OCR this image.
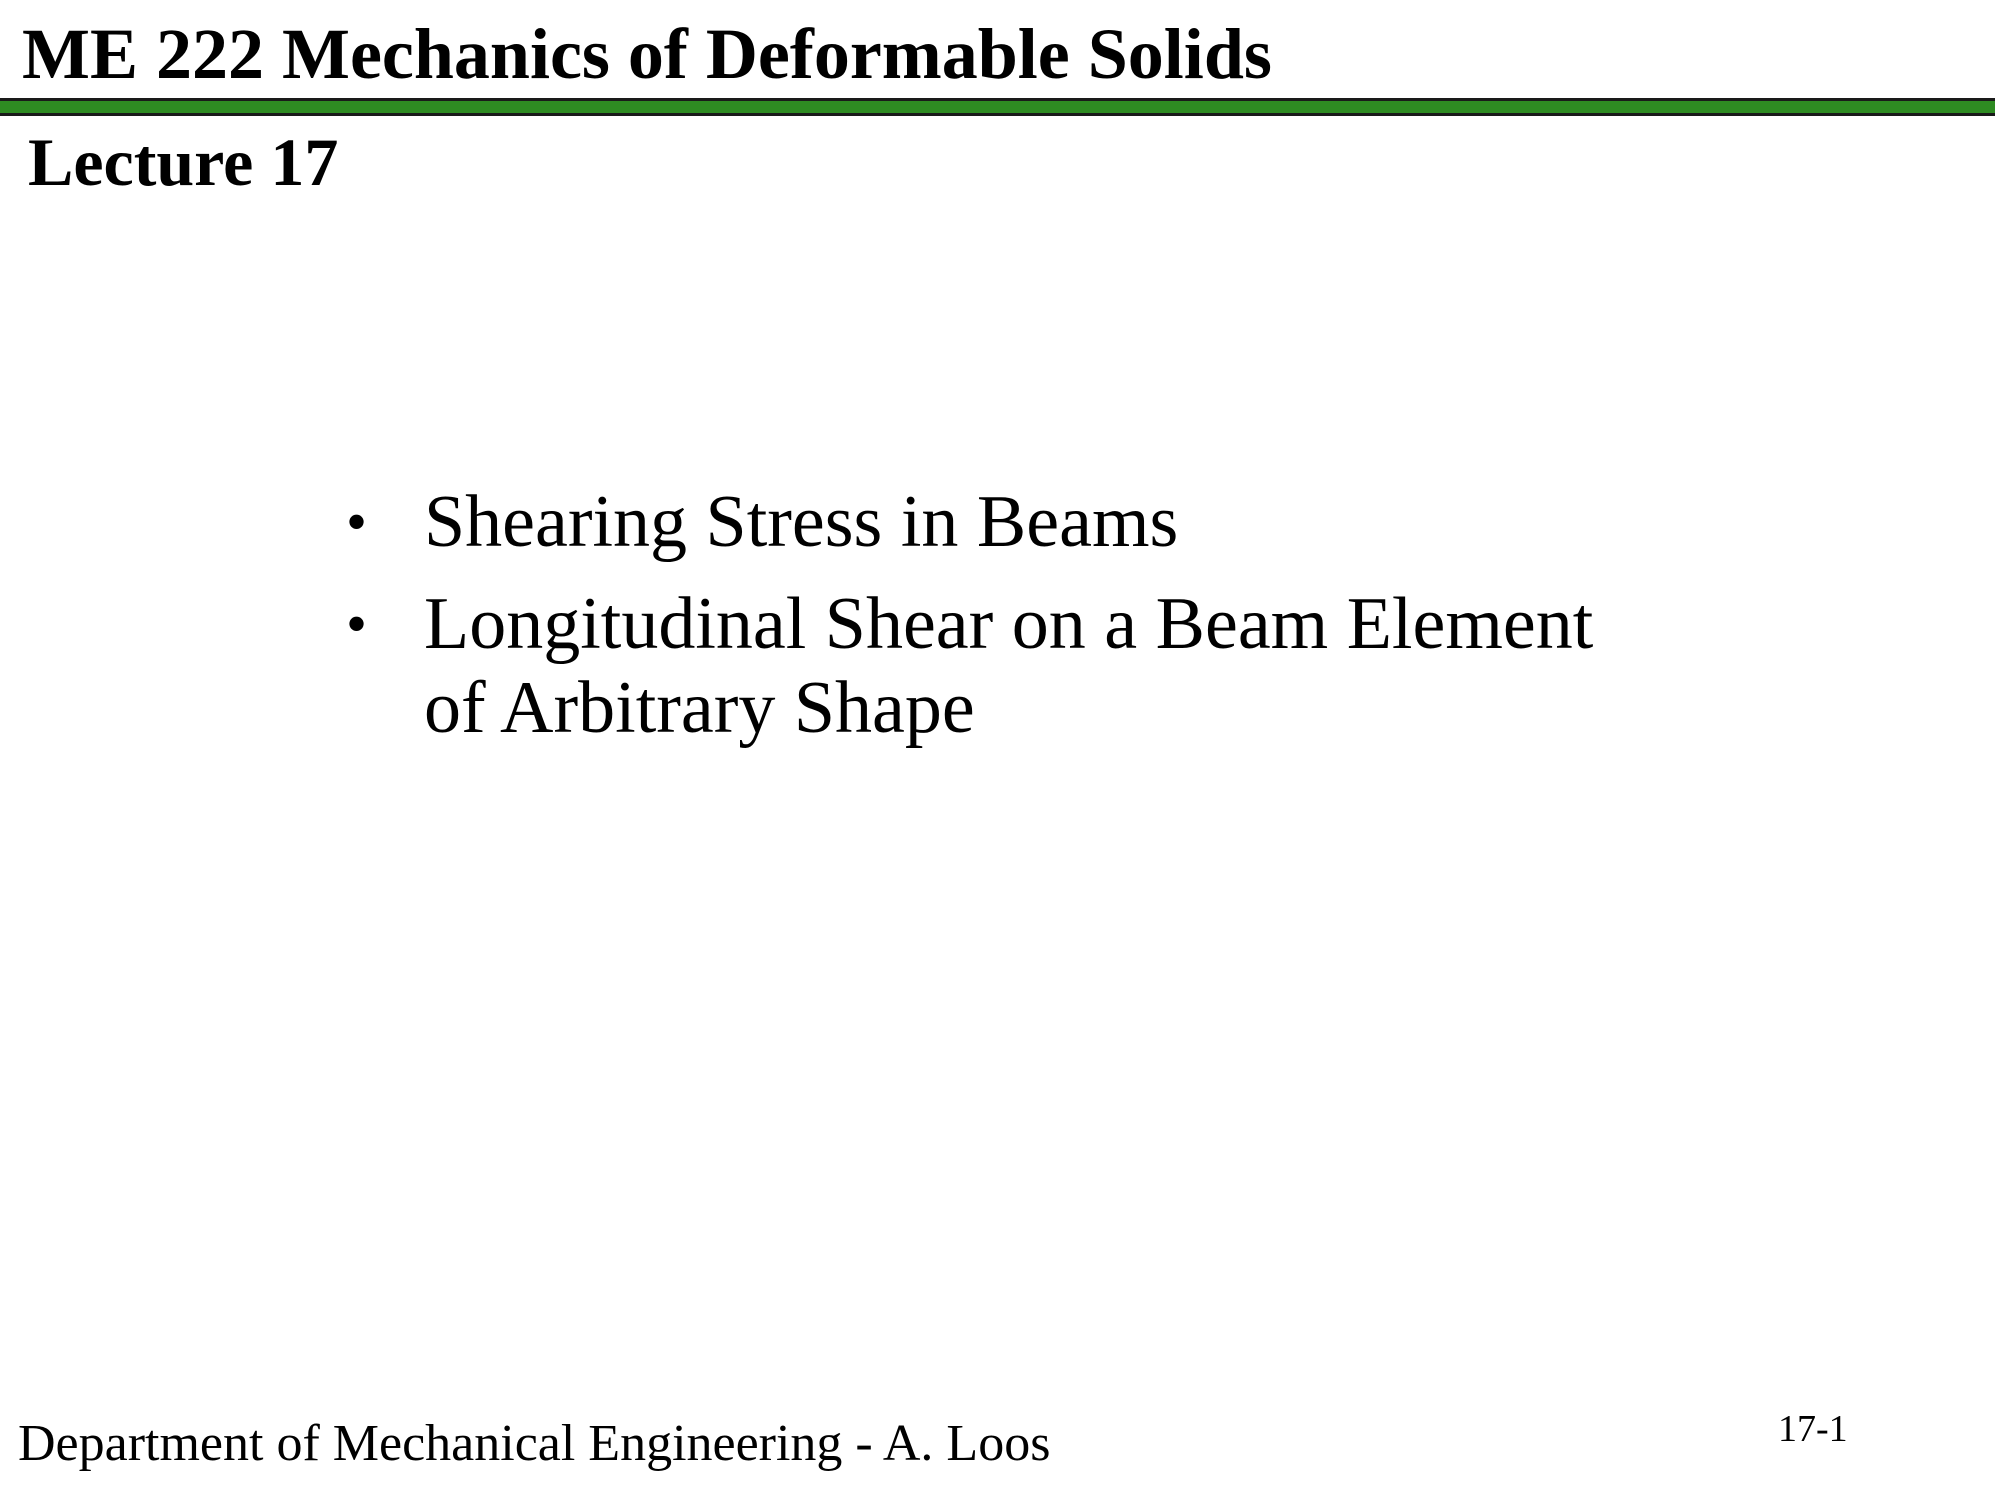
ME 222 Mechanics of Deformable Solids
Lecture 17
• Shearing Stress in Beams
• Longitudinal Shear on a Beam Element
of Arbitrary Shape
Department of Mechanical Engineering - A. Loos	17-1
